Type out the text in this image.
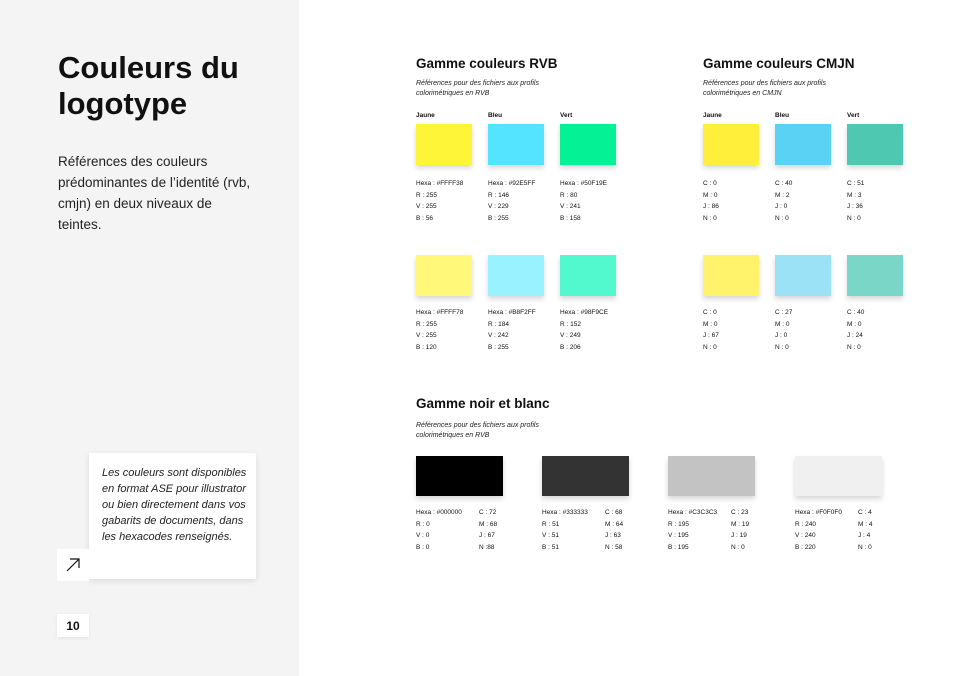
Couleurs du
logotype

Références des couleurs prédominantes de l’identité (rvb, cmjn) en deux niveaux de teintes.

Les couleurs sont disponibles en format ASE pour illustrator ou bien directement dans vos gabarits de documents, dans les hexacodes renseignés.

10
Gamme couleurs RVB
Références pour des fichiers aux profils colorimétriques en RVB
Jaune	Bleu	Vert
Hexa : #FFFF38
R : 255
V : 255
B : 56
Hexa : #92E5FF
R : 146
V : 229
B : 255
Hexa : #50F19E
R : 80
V : 241
B : 158
Hexa : #FFFF78
R : 255
V : 255
B : 120
Hexa : #B8F2FF
R : 184
V : 242
B : 255
Hexa : #98F9CE
R : 152
V : 249
B : 206
Gamme couleurs CMJN
Références pour des fichiers aux profils colorimétriques en CMJN
Jaune	Bleu	Vert
C : 0
M : 0
J : 86
N : 0
C : 40
M : 2
J : 0
N : 0
C : 51
M : 3
J : 36
N : 0
C : 0
M : 0
J : 67
N : 0
C : 27
M : 0
J : 0
N : 0
C : 40
M : 0
J : 24
N : 0
Gamme noir et blanc
Références pour des fichiers aux profils colorimétriques en RVB
Hexa : #000000
R : 0
V : 0
B : 0
C : 72
M : 68
J : 67
N :88
Hexa : #333333
R : 51
V : 51
B : 51
C : 68
M : 64
J : 63
N : 58
Hexa : #C3C3C3
R : 195
V : 195
B : 195
C : 23
M : 19
J : 19
N : 0
Hexa : #F0F0F0
R : 240
V : 240
B : 220
C : 4
M : 4
J : 4
N : 0
